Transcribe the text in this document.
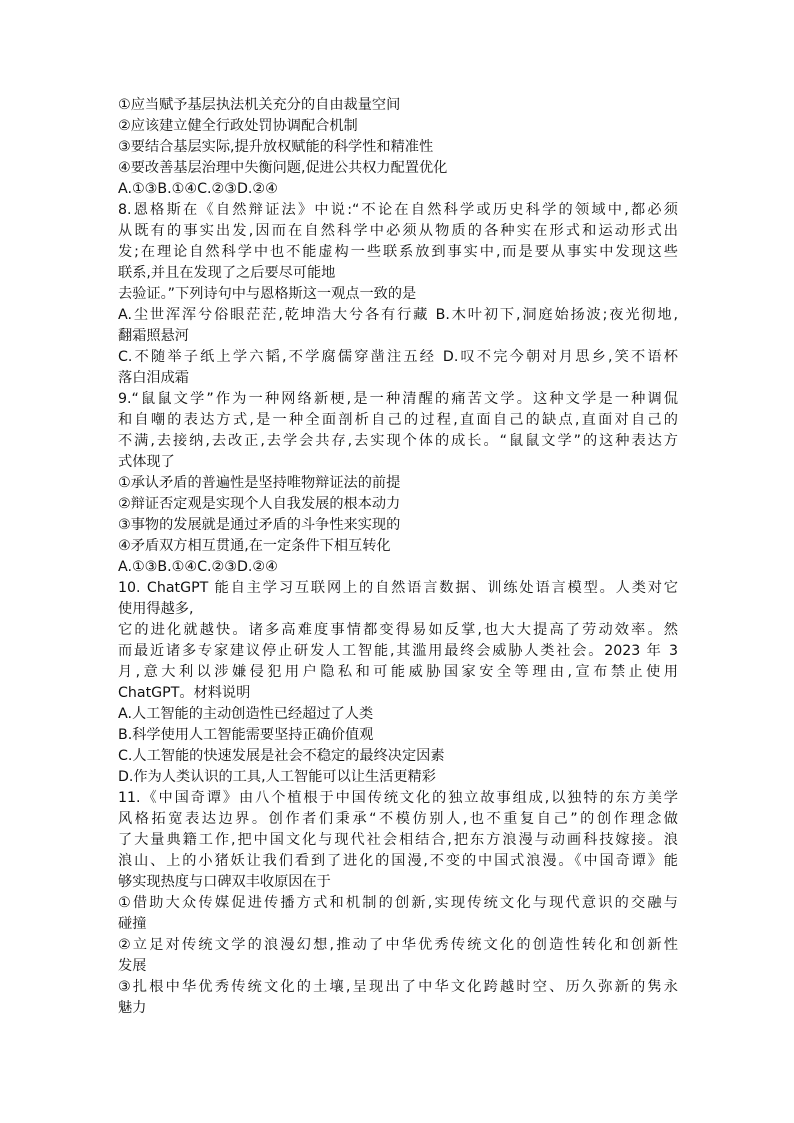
①应当赋予基层执法机关充分的自由裁量空间
②应该建立健全行政处罚协调配合机制
③要结合基层实际,提升放权赋能的科学性和精准性
④要改善基层治理中失衡问题,促进公共权力配置优化
A.①③B.①④C.②③D.②④
8.恩格斯在《自然辩证法》中说:“不论在自然科学或历史科学的领域中,都必须
从既有的事实出发,因而在自然科学中必须从物质的各种实在形式和运动形式出
发;在理论自然科学中也不能虚构一些联系放到事实中,而是要从事实中发现这些
联系,并且在发现了之后要尽可能地
去验证。”下列诗句中与恩格斯这一观点一致的是
A.尘世浑浑兮俗眼茫茫,乾坤浩大兮各有行藏 B.木叶初下,洞庭始扬波;夜光彻地,
翻霜照悬河
C.不随举子纸上学六韬,不学腐儒穿凿注五经 D.叹不完今朝对月思乡,笑不语杯
落白泪成霜
9.“鼠鼠文学”作为一种网络新梗,是一种清醒的痛苦文学。这种文学是一种调侃
和自嘲的表达方式,是一种全面剖析自己的过程,直面自己的缺点,直面对自己的
不满,去接纳,去改正,去学会共存,去实现个体的成长。“鼠鼠文学”的这种表达方
式体现了
①承认矛盾的普遍性是坚持唯物辩证法的前提
②辩证否定观是实现个人自我发展的根本动力
③事物的发展就是通过矛盾的斗争性来实现的
④矛盾双方相互贯通,在一定条件下相互转化
A.①③B.①④C.②③D.②④
10. ChatGPT 能自主学习互联网上的自然语言数据、训练处语言模型。人类对它
使用得越多,
它的进化就越快。诸多高难度事情都变得易如反掌,也大大提高了劳动效率。然
而最近诸多专家建议停止研发人工智能,其滥用最终会威胁人类社会。2023 年 3
月,意大利以涉嫌侵犯用户隐私和可能威胁国家安全等理由,宣布禁止使用
ChatGPT。材料说明
A.人工智能的主动创造性已经超过了人类
B.科学使用人工智能需要坚持正确价值观
C.人工智能的快速发展是社会不稳定的最终决定因素
D.作为人类认识的工具,人工智能可以让生活更精彩
11.《中国奇谭》由八个植根于中国传统文化的独立故事组成,以独特的东方美学
风格拓宽表达边界。创作者们秉承“不模仿别人,也不重复自己”的创作理念做
了大量典籍工作,把中国文化与现代社会相结合,把东方浪漫与动画科技嫁接。浪
浪山、上的小猪妖让我们看到了进化的国漫,不变的中国式浪漫。《中国奇谭》能
够实现热度与口碑双丰收原因在于
①借助大众传媒促进传播方式和机制的创新,实现传统文化与现代意识的交融与
碰撞
②立足对传统文学的浪漫幻想,推动了中华优秀传统文化的创造性转化和创新性
发展
③扎根中华优秀传统文化的土壤,呈现出了中华文化跨越时空、历久弥新的隽永
魅力
